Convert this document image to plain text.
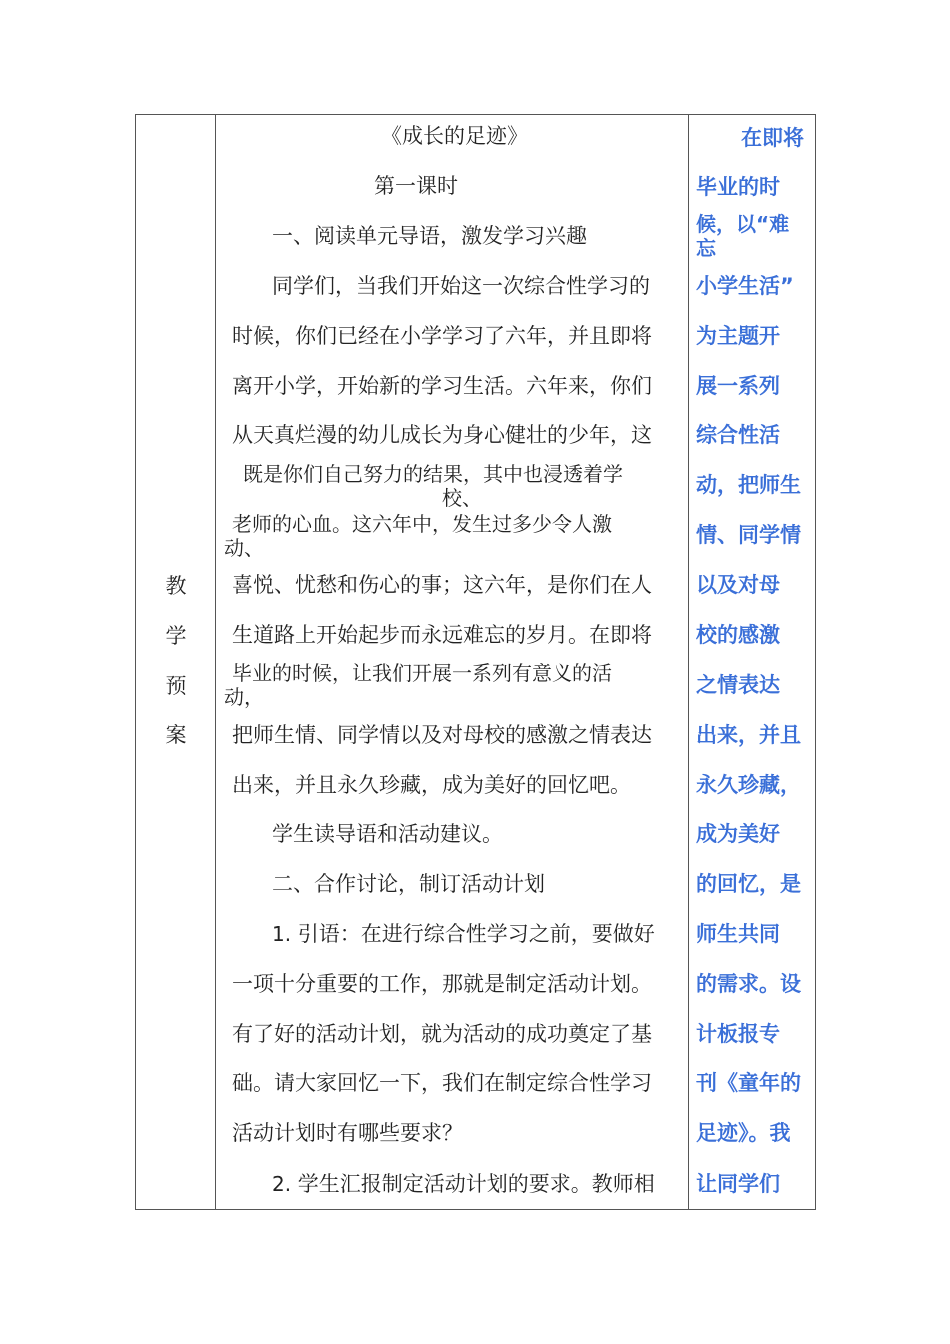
教
学
预
案
《成长的足迹》
第一课时
一、阅读单元导语，激发学习兴趣
同学们，当我们开始这一次综合性学习的
时候，你们已经在小学学习了六年，并且即将
离开小学，开始新的学习生活。六年来，你们
从天真烂漫的幼儿成长为身心健壮的少年，这
既是你们自己努力的结果，其中也浸透着学
校、
老师的心血。这六年中，发生过多少令人激
动、
喜悦、忧愁和伤心的事；这六年，是你们在人
生道路上开始起步而永远难忘的岁月。在即将
毕业的时候，让我们开展一系列有意义的活
动，
把师生情、同学情以及对母校的感激之情表达
出来，并且永久珍藏，成为美好的回忆吧。
学生读导语和活动建议。
二、合作讨论，制订活动计划
1. 引语：在进行综合性学习之前，要做好
一项十分重要的工作，那就是制定活动计划。
有了好的活动计划，就为活动的成功奠定了基
础。请大家回忆一下，我们在制定综合性学习
活动计划时有哪些要求？
2. 学生汇报制定活动计划的要求。教师相
在即将
毕业的时
候，以“难
忘
小学生活”
为主题开
展一系列
综合性活
动，把师生
情、同学情
以及对母
校的感激
之情表达
出来，并且
永久珍藏，
成为美好
的回忆，是
师生共同
的需求。设
计板报专
刊《童年的
足迹》。我
让同学们
